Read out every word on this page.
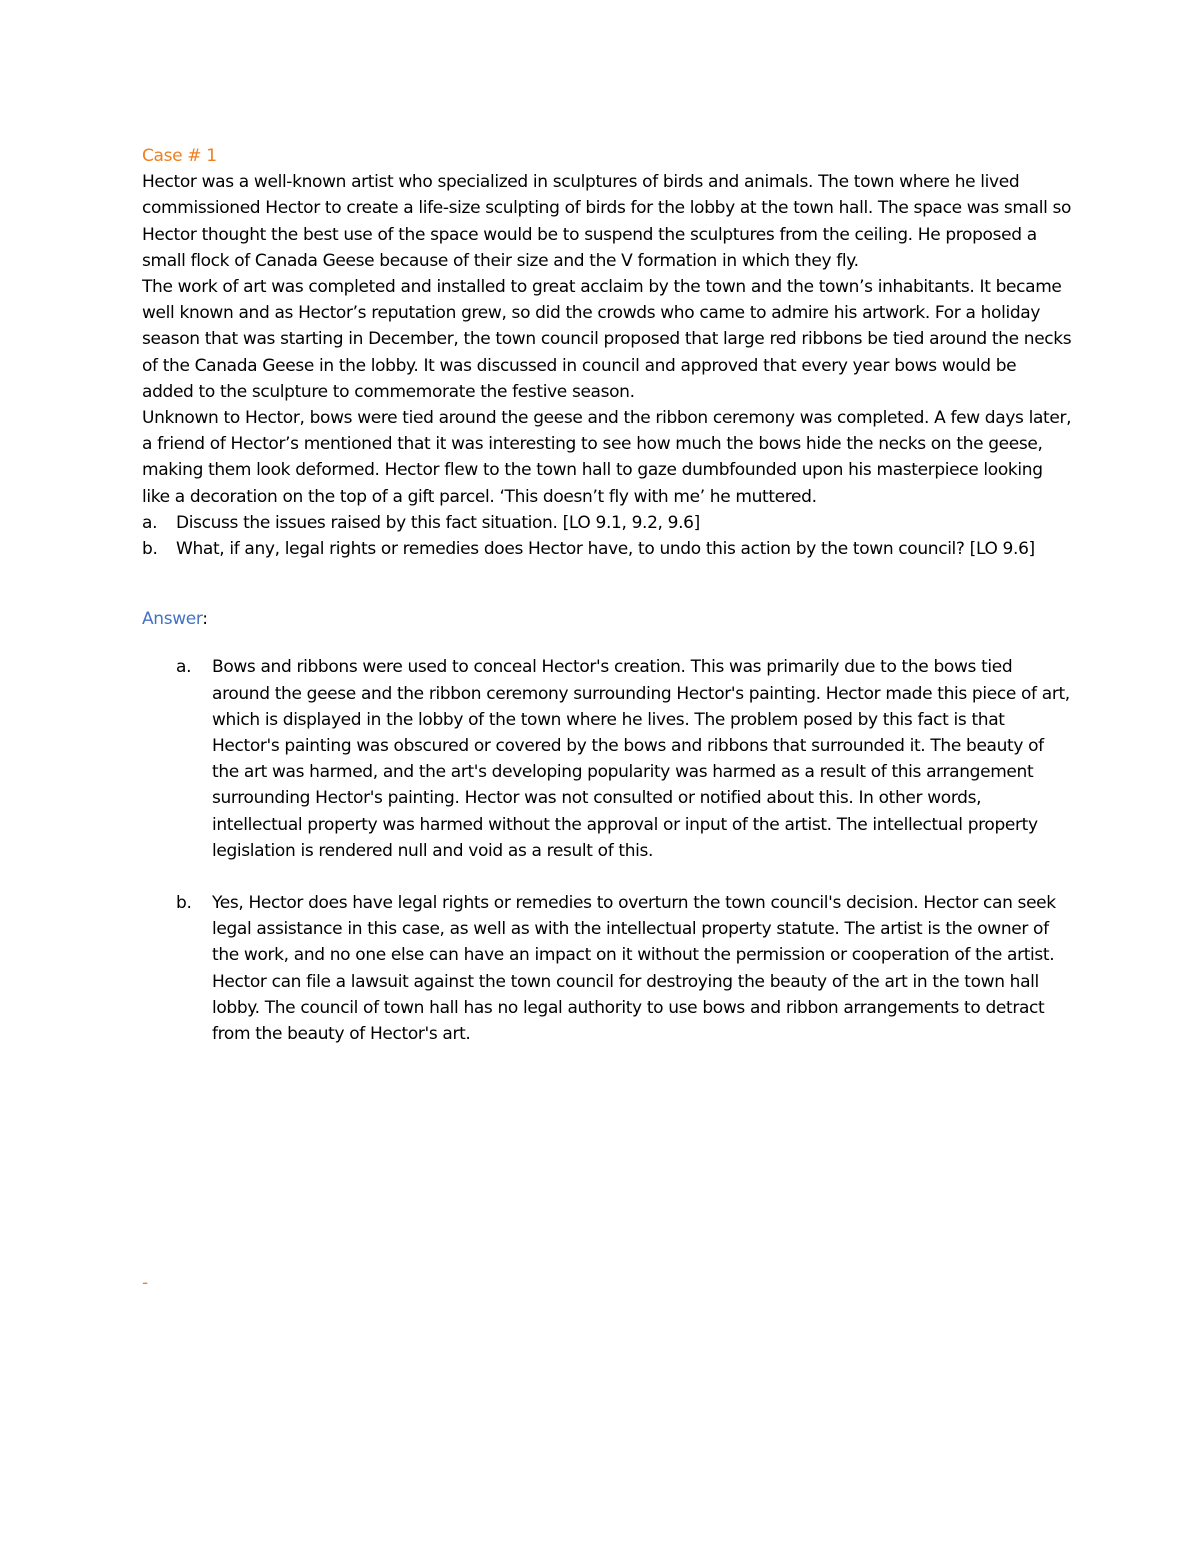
Case # 1

Hector was a well-known artist who specialized in sculptures of birds and animals. The town where he lived commissioned Hector to create a life-size sculpting of birds for the lobby at the town hall. The space was small so Hector thought the best use of the space would be to suspend the sculptures from the ceiling. He proposed a small flock of Canada Geese because of their size and the V formation in which they fly.

The work of art was completed and installed to great acclaim by the town and the town’s inhabitants. It became well known and as Hector’s reputation grew, so did the crowds who came to admire his artwork. For a holiday season that was starting in December, the town council proposed that large red ribbons be tied around the necks of the Canada Geese in the lobby. It was discussed in council and approved that every year bows would be added to the sculpture to commemorate the festive season.

Unknown to Hector, bows were tied around the geese and the ribbon ceremony was completed. A few days later, a friend of Hector’s mentioned that it was interesting to see how much the bows hide the necks on the geese, making them look deformed. Hector flew to the town hall to gaze dumbfounded upon his masterpiece looking like a decoration on the top of a gift parcel. ‘This doesn’t fly with me’ he muttered.

a. Discuss the issues raised by this fact situation. [LO 9.1, 9.2, 9.6]
b. What, if any, legal rights or remedies does Hector have, to undo this action by the town council? [LO 9.6]

Answer:

a. Bows and ribbons were used to conceal Hector's creation. This was primarily due to the bows tied around the geese and the ribbon ceremony surrounding Hector's painting. Hector made this piece of art, which is displayed in the lobby of the town where he lives. The problem posed by this fact is that Hector's painting was obscured or covered by the bows and ribbons that surrounded it. The beauty of the art was harmed, and the art's developing popularity was harmed as a result of this arrangement surrounding Hector's painting. Hector was not consulted or notified about this. In other words, intellectual property was harmed without the approval or input of the artist. The intellectual property legislation is rendered null and void as a result of this.
b. Yes, Hector does have legal rights or remedies to overturn the town council's decision. Hector can seek legal assistance in this case, as well as with the intellectual property statute. The artist is the owner of the work, and no one else can have an impact on it without the permission or cooperation of the artist. Hector can file a lawsuit against the town council for destroying the beauty of the art in the town hall lobby. The council of town hall has no legal authority to use bows and ribbon arrangements to detract from the beauty of Hector's art.
-
